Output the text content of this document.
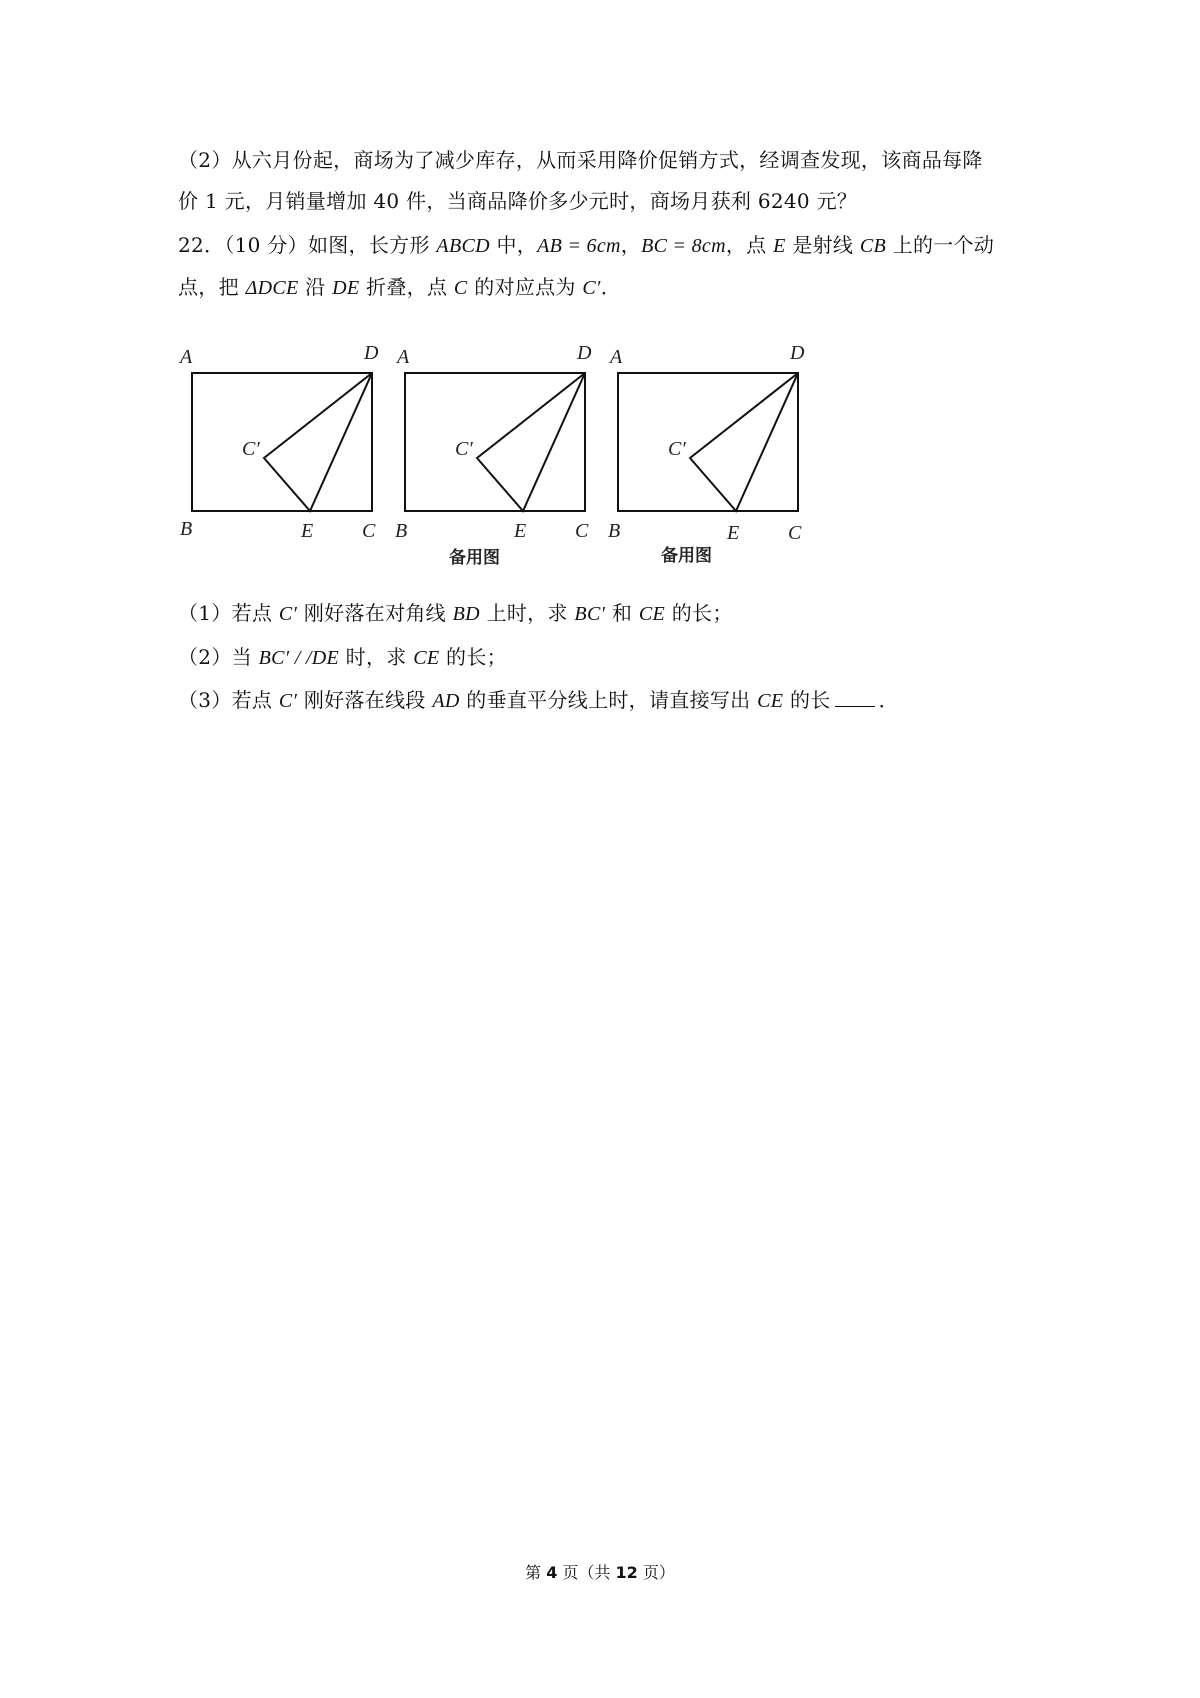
（2）从六月份起，商场为了减少库存，从而采用降价促销方式，经调查发现，该商品每降
价 1 元，月销量增加 40 件，当商品降价多少元时，商场月获利 6240 元？
22．（10 分）如图，长方形 ABCD 中，AB = 6cm，BC = 8cm，点 E 是射线 CB 上的一个动
点，把 ΔDCE 沿 DE 折叠，点 C 的对应点为 C′．
A	D
B	E C
C′
A	D
B	E C
C′
备用图
A	D
B	E C
C′
备用图
（1）若点 C′ 刚好落在对角线 BD 上时，求 BC′ 和 CE 的长；
（2）当 BC′ / /DE 时，求 CE 的长；
（3）若点 C′ 刚好落在线段 AD 的垂直平分线上时，请直接写出 CE 的长 ．
第 4 页（共 12 页）
